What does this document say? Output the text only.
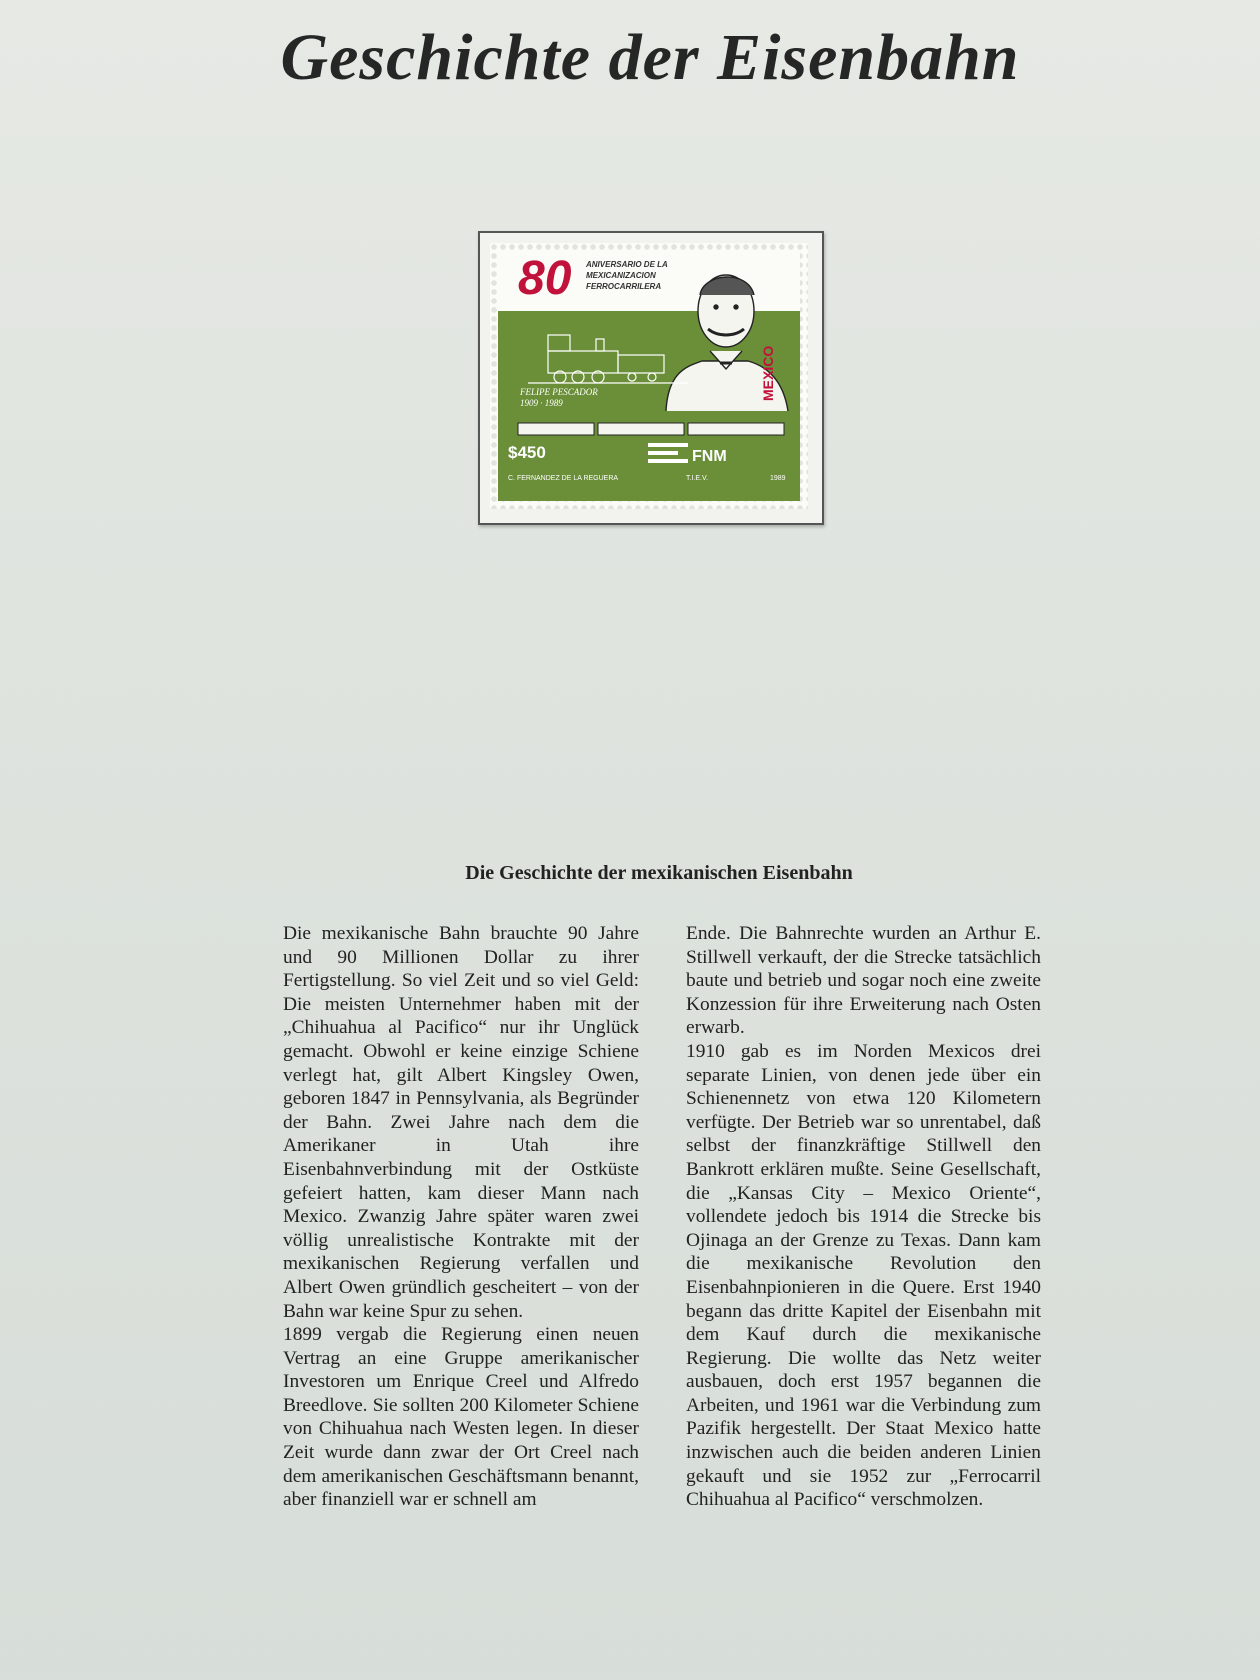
Geschichte der Eisenbahn
FNM
80 ANIVERSARIO DE LA
MEXICANIZACION
FERROCARRILERA
FELIPE PESCADOR
1909 · 1989
MEXICO
$450
C. FERNANDEZ DE LA REGUERA	T.I.E.V.	1989
Die Geschichte der mexikanischen Eisenbahn

Die mexikanische Bahn brauchte 90 Jahre und 90 Millionen Dollar zu ihrer Fertigstellung. So viel Zeit und so viel Geld: Die meisten Unternehmer haben mit der „Chihuahua al Pacifico“ nur ihr Unglück gemacht. Obwohl er keine einzige Schiene verlegt hat, gilt Albert Kingsley Owen, geboren 1847 in Pennsylvania, als Begründer der Bahn. Zwei Jahre nach dem die Amerikaner in Utah ihre Eisenbahnverbindung mit der Ostküste gefeiert hatten, kam dieser Mann nach Mexico. Zwanzig Jahre später waren zwei völlig unrealistische Kontrakte mit der mexikanischen Regierung verfallen und Albert Owen gründlich gescheitert – von der Bahn war keine Spur zu sehen.

1899 vergab die Regierung einen neuen Vertrag an eine Gruppe amerikanischer Investoren um Enrique Creel und Alfredo Breedlove. Sie sollten 200 Kilometer Schiene von Chihuahua nach Westen legen. In dieser Zeit wurde dann zwar der Ort Creel nach dem amerikanischen Geschäftsmann benannt, aber finanziell war er schnell am

Ende. Die Bahnrechte wurden an Arthur E. Stillwell verkauft, der die Strecke tatsächlich baute und betrieb und sogar noch eine zweite Konzession für ihre Erweiterung nach Osten erwarb.

1910 gab es im Norden Mexicos drei separate Linien, von denen jede über ein Schienennetz von etwa 120 Kilometern verfügte. Der Betrieb war so unrentabel, daß selbst der finanzkräftige Stillwell den Bankrott erklären mußte. Seine Gesellschaft, die „Kansas City – Mexico Oriente“, vollendete jedoch bis 1914 die Strecke bis Ojinaga an der Grenze zu Texas. Dann kam die mexikanische Revolution den Eisenbahnpionieren in die Quere. Erst 1940 begann das dritte Kapitel der Eisenbahn mit dem Kauf durch die mexikanische Regierung. Die wollte das Netz weiter ausbauen, doch erst 1957 begannen die Arbeiten, und 1961 war die Verbindung zum Pazifik hergestellt. Der Staat Mexico hatte inzwischen auch die beiden anderen Linien gekauft und sie 1952 zur „Ferrocarril Chihuahua al Pacifico“ verschmolzen.
